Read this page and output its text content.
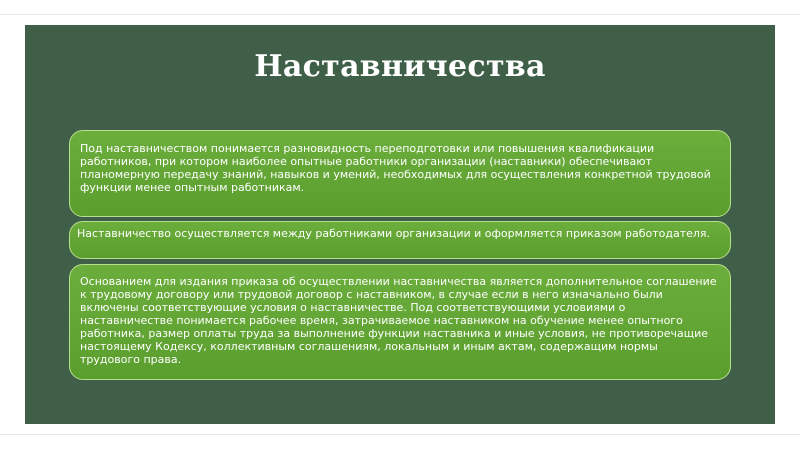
Наставничества
Под наставничеством понимается разновидность переподготовки или повышения квалификации работников, при котором наиболее опытные работники организации (наставники) обеспечивают планомерную передачу знаний, навыков и умений, необходимых для осуществления конкретной трудовой функции менее опытным работникам.
Наставничество осуществляется между работниками организации и оформляется приказом работодателя.
Основанием для издания приказа об осуществлении наставничества является дополнительное соглашение к трудовому договору или трудовой договор с наставником, в случае если в него изначально были включены соответствующие условия о наставничестве. Под соответствующими условиями о наставничестве понимается рабочее время, затрачиваемое наставником на обучение менее опытного работника, размер оплаты труда за выполнение функции наставника и иные условия, не противоречащие настоящему Кодексу, коллективным соглашениям, локальным и иным актам, содержащим нормы трудового права.
